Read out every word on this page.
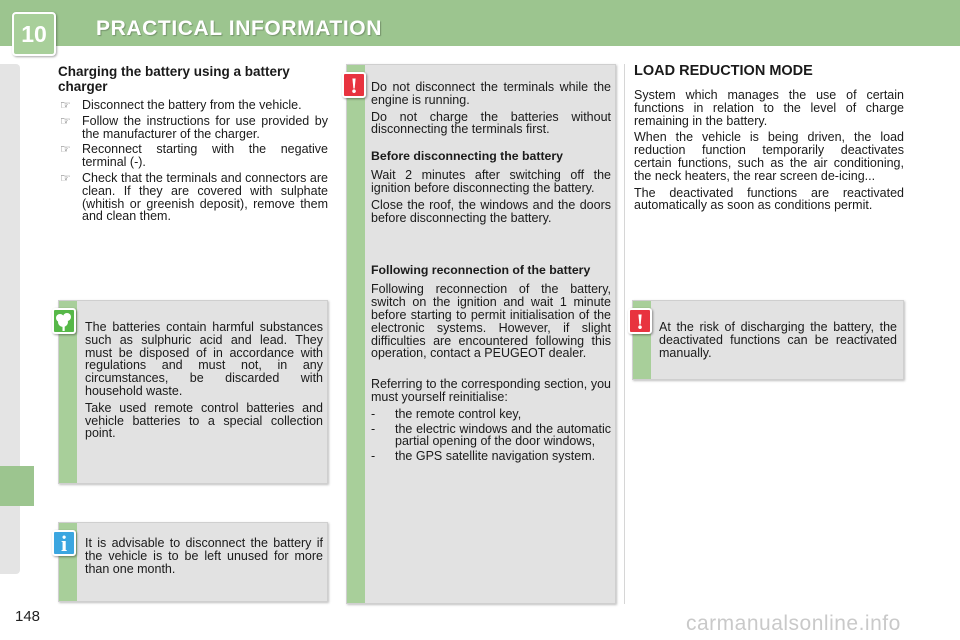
10	PRACTICAL INFORMATION
Charging the battery using a battery charger
☞ Disconnect the battery from the vehicle.
☞ Follow the instructions for use provided by the manufacturer of the charger.
☞ Reconnect starting with the negative terminal (-).
☞ Check that the terminals and connectors are clean. If they are covered with sulphate (whitish or greenish deposit), remove them and clean them.

The batteries contain harmful substances such as sulphuric acid and lead. They must be disposed of in accordance with regulations and must not, in any circumstances, be discarded with household waste.

Take used remote control batteries and vehicle batteries to a special collection point.

It is advisable to disconnect the battery if the vehicle is to be left unused for more than one month.
i

Do not disconnect the terminals while the engine is running.

Do not charge the batteries without disconnecting the terminals first.

Before disconnecting the battery

Wait 2 minutes after switching off the ignition before disconnecting the battery.

Close the roof, the windows and the doors before disconnecting the battery.

Following reconnection of the battery

Following reconnection of the battery, switch on the ignition and wait 1 minute before starting to permit initialisation of the electronic systems. However, if slight difficulties are encountered following this operation, contact a PEUGEOT dealer.

Referring to the corresponding section, you must yourself reinitialise:

- the remote control key,
- the electric windows and the automatic partial opening of the door windows,
- the GPS satellite navigation system.
!
LOAD REDUCTION MODE

System which manages the use of certain functions in relation to the level of charge remaining in the battery.

When the vehicle is being driven, the load reduction function temporarily deactivates certain functions, such as the air conditioning, the neck heaters, the rear screen de-icing...

The deactivated functions are reactivated automatically as soon as conditions permit.

At the risk of discharging the battery, the deactivated functions can be reactivated manually.
!
148	carmanualsonline.info
